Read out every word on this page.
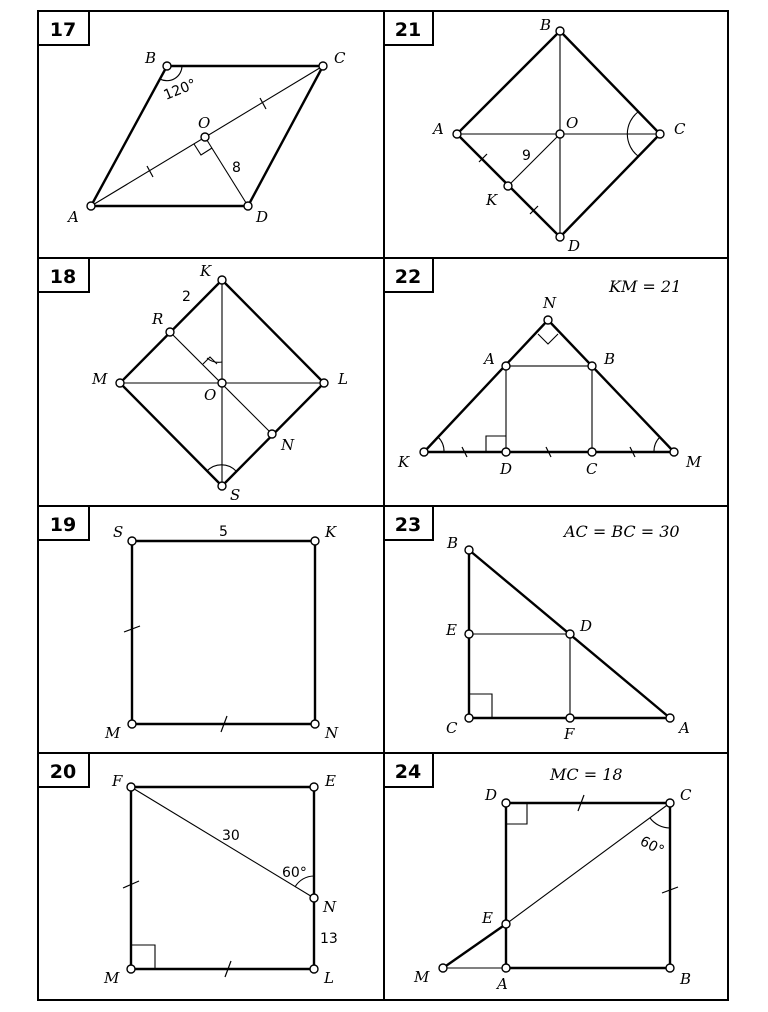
17
B	C
A	D
O
120°
8
21	B
C
D
A	O
K
9
18	K
R
M
O
L
N
S
2
22	KM = 21
N
A	B
K	D	C	M
19 S	K
M	N
5	23	AC = BC = 30
B
E	D
C	F	A
20 F	E
N
M	L
30
60°
13
24	MC = 18
D	C
E
M	A	B
60°
